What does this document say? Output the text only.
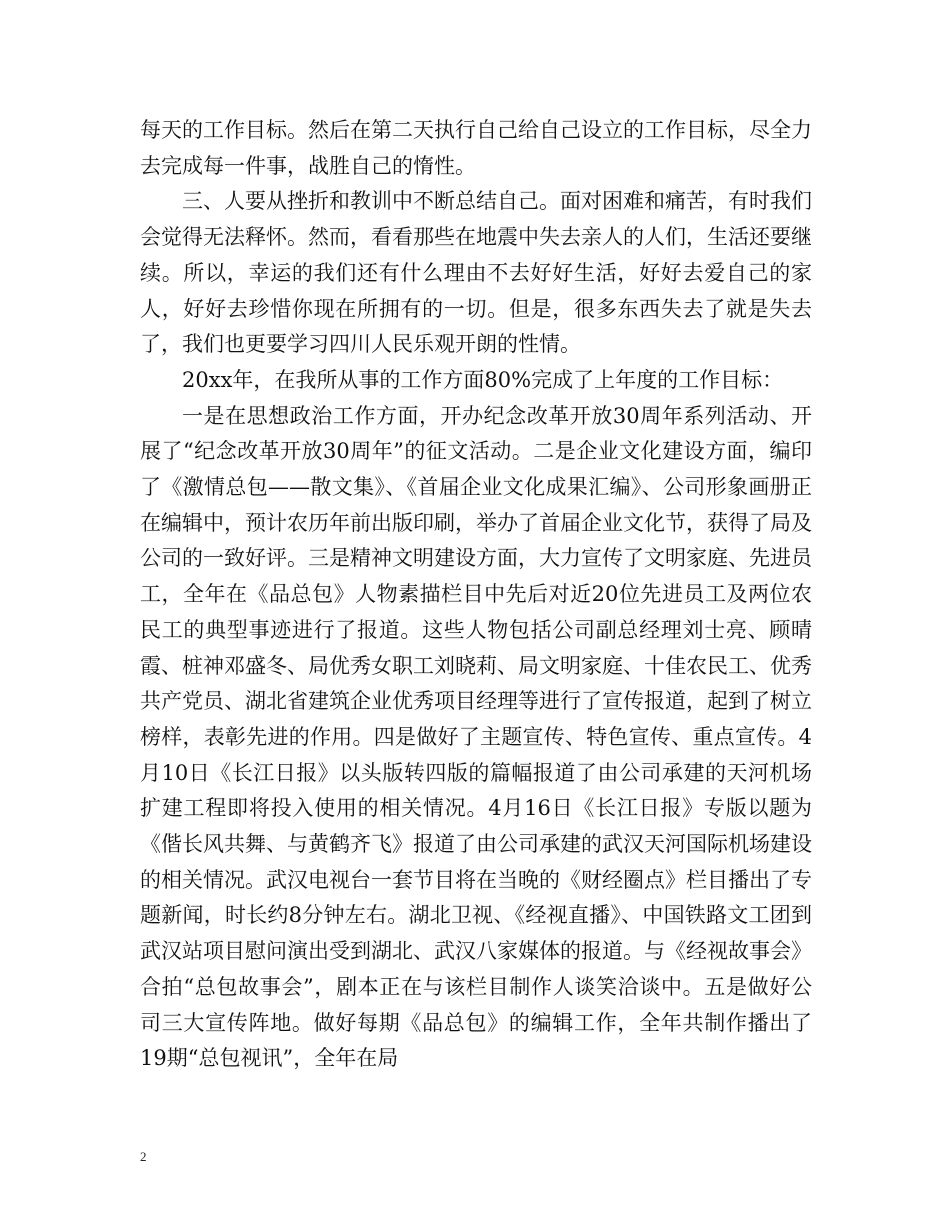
每天的工作目标。然后在第二天执行自己给自己设立的工作目标，尽全力去完成每一件事，战胜自己的惰性。

三、人要从挫折和教训中不断总结自己。面对困难和痛苦，有时我们会觉得无法释怀。然而，看看那些在地震中失去亲人的人们，生活还要继续。所以，幸运的我们还有什么理由不去好好生活，好好去爱自己的家人，好好去珍惜你现在所拥有的一切。但是，很多东西失去了就是失去了，我们也更要学习四川人民乐观开朗的性情。

20xx年，在我所从事的工作方面80%完成了上年度的工作目标：

一是在思想政治工作方面，开办纪念改革开放30周年系列活动、开展了“纪念改革开放30周年”的征文活动。二是企业文化建设方面，编印了《激情总包——散文集》、《首届企业文化成果汇编》、公司形象画册正在编辑中，预计农历年前出版印刷，举办了首届企业文化节，获得了局及公司的一致好评。三是精神文明建设方面，大力宣传了文明家庭、先进员工，全年在《品总包》人物素描栏目中先后对近20位先进员工及两位农民工的典型事迹进行了报道。这些人物包括公司副总经理刘士亮、顾晴霞、桩神邓盛冬、局优秀女职工刘晓莉、局文明家庭、十佳农民工、优秀共产党员、湖北省建筑企业优秀项目经理等进行了宣传报道，起到了树立榜样，表彰先进的作用。四是做好了主题宣传、特色宣传、重点宣传。4月10日《长江日报》以头版转四版的篇幅报道了由公司承建的天河机场扩建工程即将投入使用的相关情况。4月16日《长江日报》专版以题为《偕长风共舞、与黄鹤齐飞》报道了由公司承建的武汉天河国际机场建设的相关情况。武汉电视台一套节目将在当晚的《财经圈点》栏目播出了专题新闻，时长约8分钟左右。湖北卫视、《经视直播》、中国铁路文工团到武汉站项目慰问演出受到湖北、武汉八家媒体的报道。与《经视故事会》合拍“总包故事会”，剧本正在与该栏目制作人谈笑洽谈中。五是做好公司三大宣传阵地。做好每期《品总包》的编辑工作，全年共制作播出了19期“总包视讯”，全年在局

2
